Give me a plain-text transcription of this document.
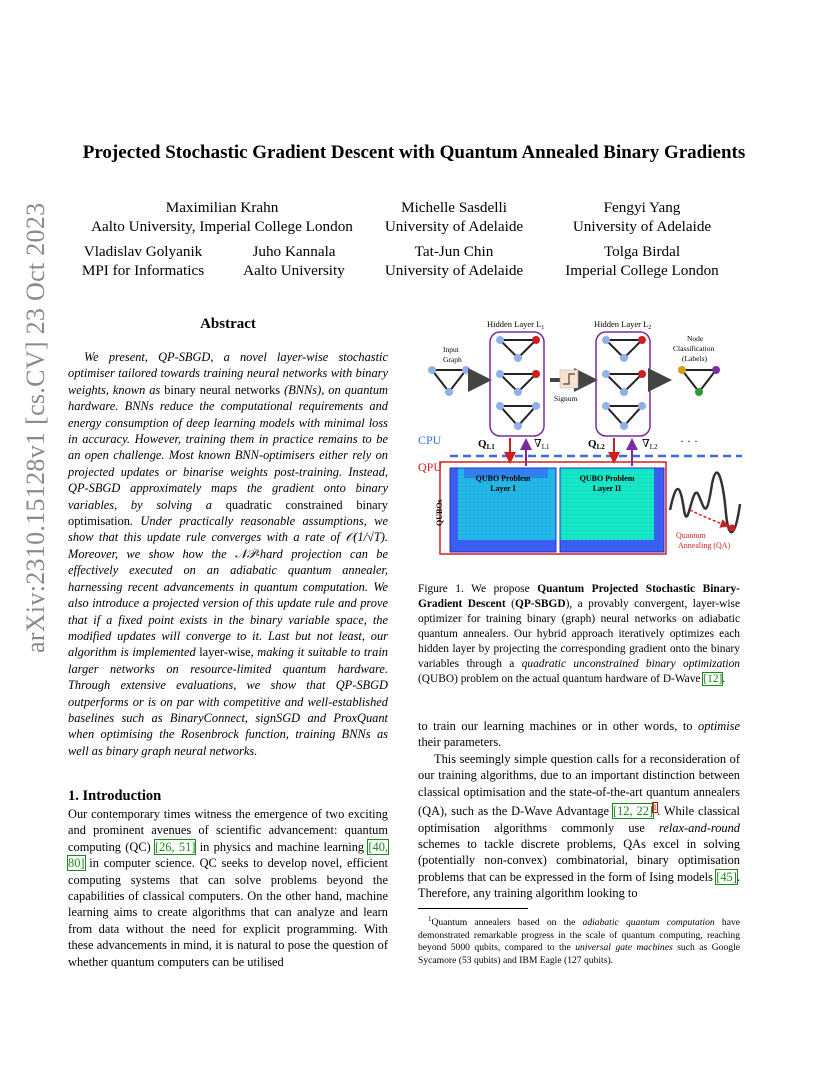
arXiv:2310.15128v1 [cs.CV] 23 Oct 2023
Projected Stochastic Gradient Descent with Quantum Annealed Binary Gradients
Maximilian Krahn
Aalto University, Imperial College London
Michelle Sasdelli
University of Adelaide
Fengyi Yang
University of Adelaide
Vladislav Golyanik
MPI for Informatics
Juho Kannala
Aalto University
Tat-Jun Chin
University of Adelaide
Tolga Birdal
Imperial College London
Abstract

We present, QP-SBGD, a novel layer-wise stochastic optimiser tailored towards training neural networks with binary weights, known as binary neural networks (BNNs), on quantum hardware. BNNs reduce the computational requirements and energy consumption of deep learning models with minimal loss in accuracy. However, training them in practice remains to be an open challenge. Most known BNN-optimisers either rely on projected updates or binarise weights post-training. Instead, QP-SBGD approximately maps the gradient onto binary variables, by solving a quadratic constrained binary optimisation. Under practically reasonable assumptions, we show that this update rule converges with a rate of 𝒪(1/√T). Moreover, we show how the 𝒩𝒫-hard projection can be effectively executed on an adiabatic quantum annealer, harnessing recent advancements in quantum computation. We also introduce a projected version of this update rule and prove that if a fixed point exists in the binary variable space, the modified updates will converge to it. Last but not least, our algorithm is implemented layer-wise, making it suitable to train larger networks on resource-limited quantum hardware. Through extensive evaluations, we show that QP-SBGD outperforms or is on par with competitive and well-established baselines such as BinaryConnect, signSGD and ProxQuant when optimising the Rosenbrock function, training BNNs as well as binary graph neural networks.

1. Introduction

Our contemporary times witness the emergence of two exciting and prominent avenues of scientific advancement: quantum computing (QC) [26, 51] in physics and machine learning [40, 80] in computer science. QC seeks to develop novel, efficient computing systems that can solve problems beyond the capabilities of classical computers. On the other hand, machine learning aims to create algorithms that can analyze and learn from data without the need for explicit programming. With these advancements in mind, it is natural to pose the question of whether quantum computers can be utilised

Hidden Layer $L_1$	Hidden Layer $L_2$
Input
Graph
Node
Classification
(Labels)
Signum
CPU
QPU
QL1	∇L1	QL2	∇L2 · · ·
QUBOs
QUBO Problem
Layer I
QUBO Problem
Layer II
Quantum
Annealing (QA)
Figure 1. We propose Quantum Projected Stochastic Binary-Gradient Descent (QP-SBGD), a provably convergent, layer-wise optimizer for training binary (graph) neural networks on adiabatic quantum annealers. Our hybrid approach iteratively optimizes each hidden layer by projecting the corresponding gradient onto the binary variables through a quadratic unconstrained binary optimization (QUBO) problem on the actual quantum hardware of D-Wave [12].

to train our learning machines or in other words, to optimise their parameters.

This seemingly simple question calls for a reconsideration of our training algorithms, due to an important distinction between classical optimisation and the state-of-the-art quantum annealers (QA), such as the D-Wave Advantage [12, 22]$^1$. While classical optimisation algorithms commonly use relax-and-round schemes to tackle discrete problems, QAs excel in solving (potentially non-convex) combinatorial, binary optimisation problems that can be expressed in the form of Ising models [45]. Therefore, any training algorithm looking to

$^1$Quantum annealers based on the adiabatic quantum computation have demonstrated remarkable progress in the scale of quantum computing, reaching beyond 5000 qubits, compared to the universal gate machines such as Google Sycamore (53 qubits) and IBM Eagle (127 qubits).
